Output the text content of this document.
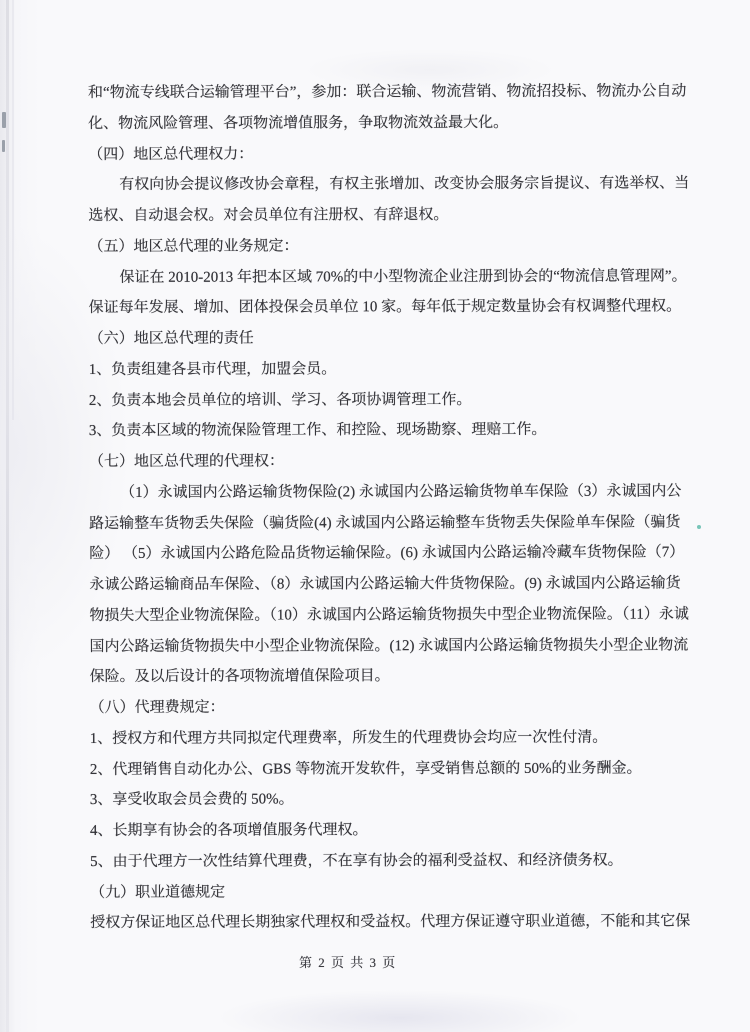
和“物流专线联合运输管理平台”，参加：联合运输、物流营销、物流招投标、物流办公自动
化、物流风险管理、各项物流增值服务，争取物流效益最大化。
（四）地区总代理权力：
有权向协会提议修改协会章程，有权主张增加、改变协会服务宗旨提议、有选举权、当
选权、自动退会权。对会员单位有注册权、有辞退权。
（五）地区总代理的业务规定：
保证在 2010-2013 年把本区域 70%的中小型物流企业注册到协会的“物流信息管理网”。
保证每年发展、增加、团体投保会员单位 10 家。每年低于规定数量协会有权调整代理权。
（六）地区总代理的责任
1、负责组建各县市代理，加盟会员。
2、负责本地会员单位的培训、学习、各项协调管理工作。
3、负责本区域的物流保险管理工作、和控险、现场勘察、理赔工作。
（七）地区总代理的代理权：
（1）永诚国内公路运输货物保险(2) 永诚国内公路运输货物单车保险（3）永诚国内公
路运输整车货物丢失保险（骗货险(4) 永诚国内公路运输整车货物丢失保险单车保险（骗货
险） （5）永诚国内公路危险品货物运输保险。(6) 永诚国内公路运输冷藏车货物保险（7）
永诚公路运输商品车保险、（8）永诚国内公路运输大件货物保险。(9) 永诚国内公路运输货
物损失大型企业物流保险。（10）永诚国内公路运输货物损失中型企业物流保险。（11）永诚
国内公路运输货物损失中小型企业物流保险。(12) 永诚国内公路运输货物损失小型企业物流
保险。及以后设计的各项物流增值保险项目。
（八）代理费规定：
1、授权方和代理方共同拟定代理费率，所发生的代理费协会均应一次性付清。
2、代理销售自动化办公、GBS 等物流开发软件，享受销售总额的 50%的业务酬金。
3、享受收取会员会费的 50%。
4、长期享有协会的各项增值服务代理权。
5、由于代理方一次性结算代理费，不在享有协会的福利受益权、和经济债务权。
（九）职业道德规定
授权方保证地区总代理长期独家代理权和受益权。代理方保证遵守职业道德，不能和其它保
第 2 页 共 3 页
